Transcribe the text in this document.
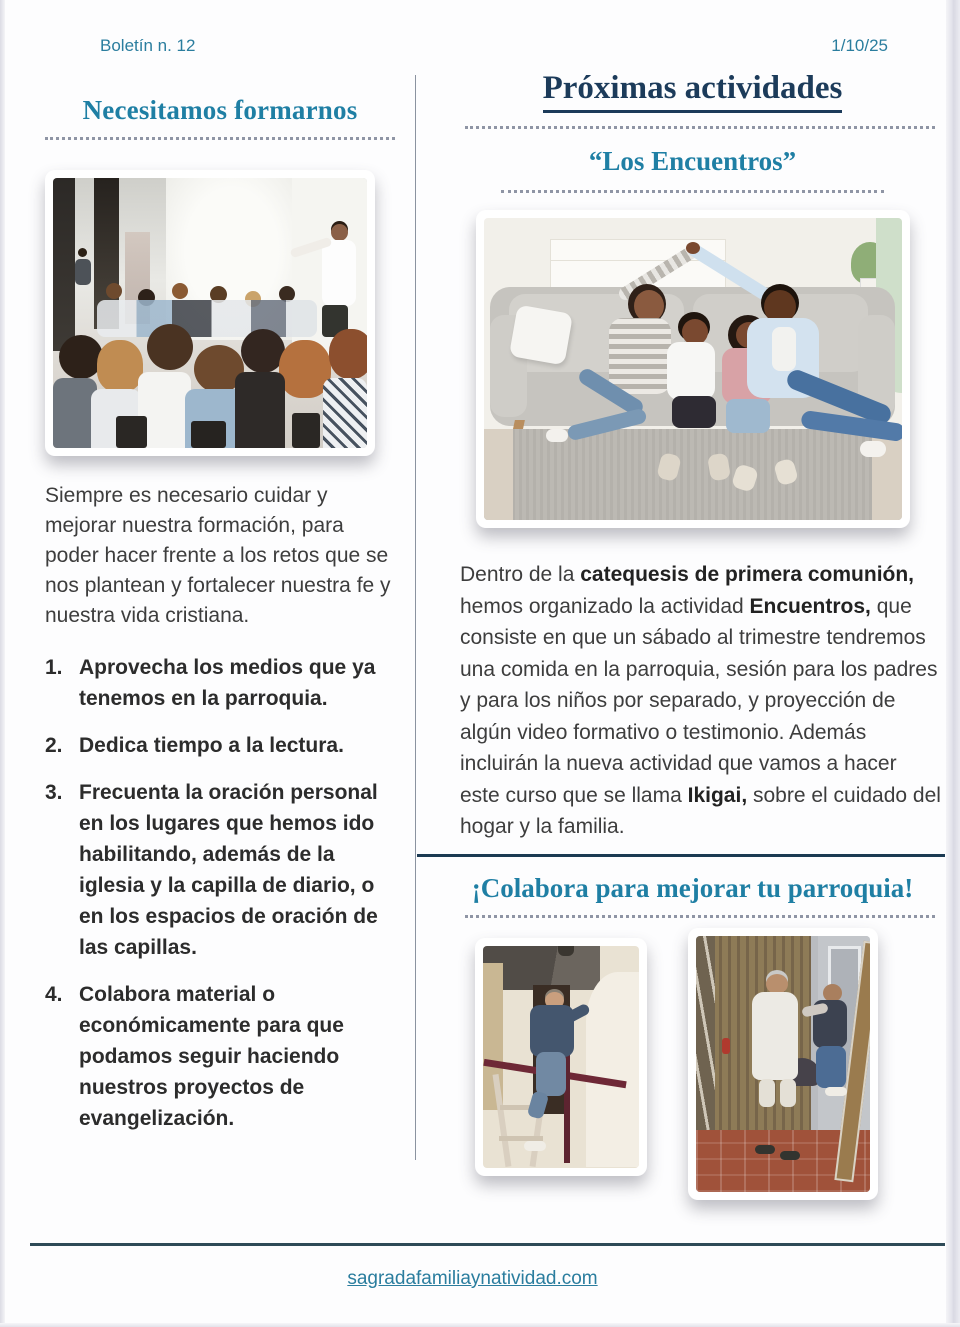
Boletín n. 12	1/10/25
Necesitamos formarnos

Siempre es necesario cuidar y mejorar nuestra formación, para poder hacer frente a los retos que se nos plantean y fortalecer nuestra fe y nuestra vida cristiana.

1. Aprovecha los medios que ya tenemos en la parroquia.
2. Dedica tiempo a la lectura.
3. Frecuenta la oración personal en los lugares que hemos ido habilitando, además de la iglesia y la capilla de diario, o en los espacios de oración de las capillas.
4. Colabora material o económicamente para que podamos seguir haciendo nuestros proyectos de evangelización.
Próximas actividades
“Los Encuentros”

Dentro de la catequesis de primera comunión, hemos organizado la actividad Encuentros, que consiste en que un sábado al trimestre tendremos una comida en la parroquia, sesión para los padres y para los niños por separado, y proyección de algún video formativo o testimonio. Además incluirán la nueva actividad que vamos a hacer este curso que se llama Ikigai, sobre el cuidado del hogar y la familia.

¡Colabora para mejorar tu parroquia!
sagradafamiliaynatividad.com
